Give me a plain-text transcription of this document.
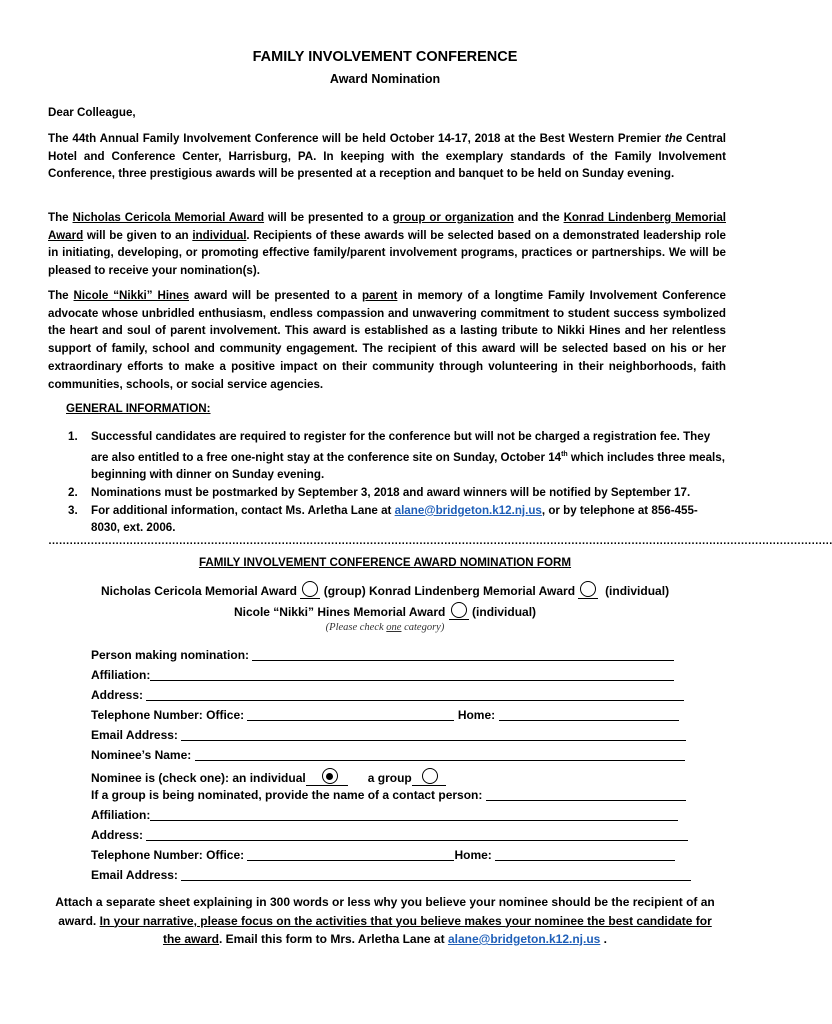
FAMILY INVOLVEMENT CONFERENCE
Award Nomination
Dear Colleague,
The 44th Annual Family Involvement Conference will be held October 14-17, 2018 at the Best Western Premier the Central Hotel and Conference Center, Harrisburg, PA. In keeping with the exemplary standards of the Family Involvement Conference, three prestigious awards will be presented at a reception and banquet to be held on Sunday evening.
The Nicholas Cericola Memorial Award will be presented to a group or organization and the Konrad Lindenberg Memorial Award will be given to an individual. Recipients of these awards will be selected based on a demonstrated leadership role in initiating, developing, or promoting effective family/parent involvement programs, practices or partnerships. We will be pleased to receive your nomination(s).
The Nicole “Nikki” Hines award will be presented to a parent in memory of a longtime Family Involvement Conference advocate whose unbridled enthusiasm, endless compassion and unwavering commitment to student success symbolized the heart and soul of parent involvement. This award is established as a lasting tribute to Nikki Hines and her relentless support of family, school and community engagement. The recipient of this award will be selected based on his or her extraordinary efforts to make a positive impact on their community through volunteering in their neighborhoods, faith communities, schools, or social service agencies.
GENERAL INFORMATION:
1. Successful candidates are required to register for the conference but will not be charged a registration fee. They are also entitled to a free one-night stay at the conference site on Sunday, October 14th which includes three meals, beginning with dinner on Sunday evening.
2. Nominations must be postmarked by September 3, 2018 and award winners will be notified by September 17.
3. For additional information, contact Ms. Arletha Lane at alane@bridgeton.k12.nj.us, or by telephone at 856-455-8030, ext. 2006.
……………………………………………………………………………………………………………………………………………………………………………………………………
FAMILY INVOLVEMENT CONFERENCE AWARD NOMINATION FORM
Nicholas Cericola Memorial Award (group) Konrad Lindenberg Memorial Award	(individual)
Nicole “Nikki” Hines Memorial Award (individual)
(Please check one category)
Person making nomination:
Affiliation:
Address:
Telephone Number: Office:	Home:
Email Address:
Nominee’s Name:
Nominee is (check one): an individual	a group
If a group is being nominated, provide the name of a contact person:
Affiliation:
Address:
Telephone Number: Office:	Home:
Email Address:
Attach a separate sheet explaining in 300 words or less why you believe your nominee should be the recipient of an award. In your narrative, please focus on the activities that you believe makes your nominee the best candidate for the award. Email this form to Mrs. Arletha Lane at alane@bridgeton.k12.nj.us .
